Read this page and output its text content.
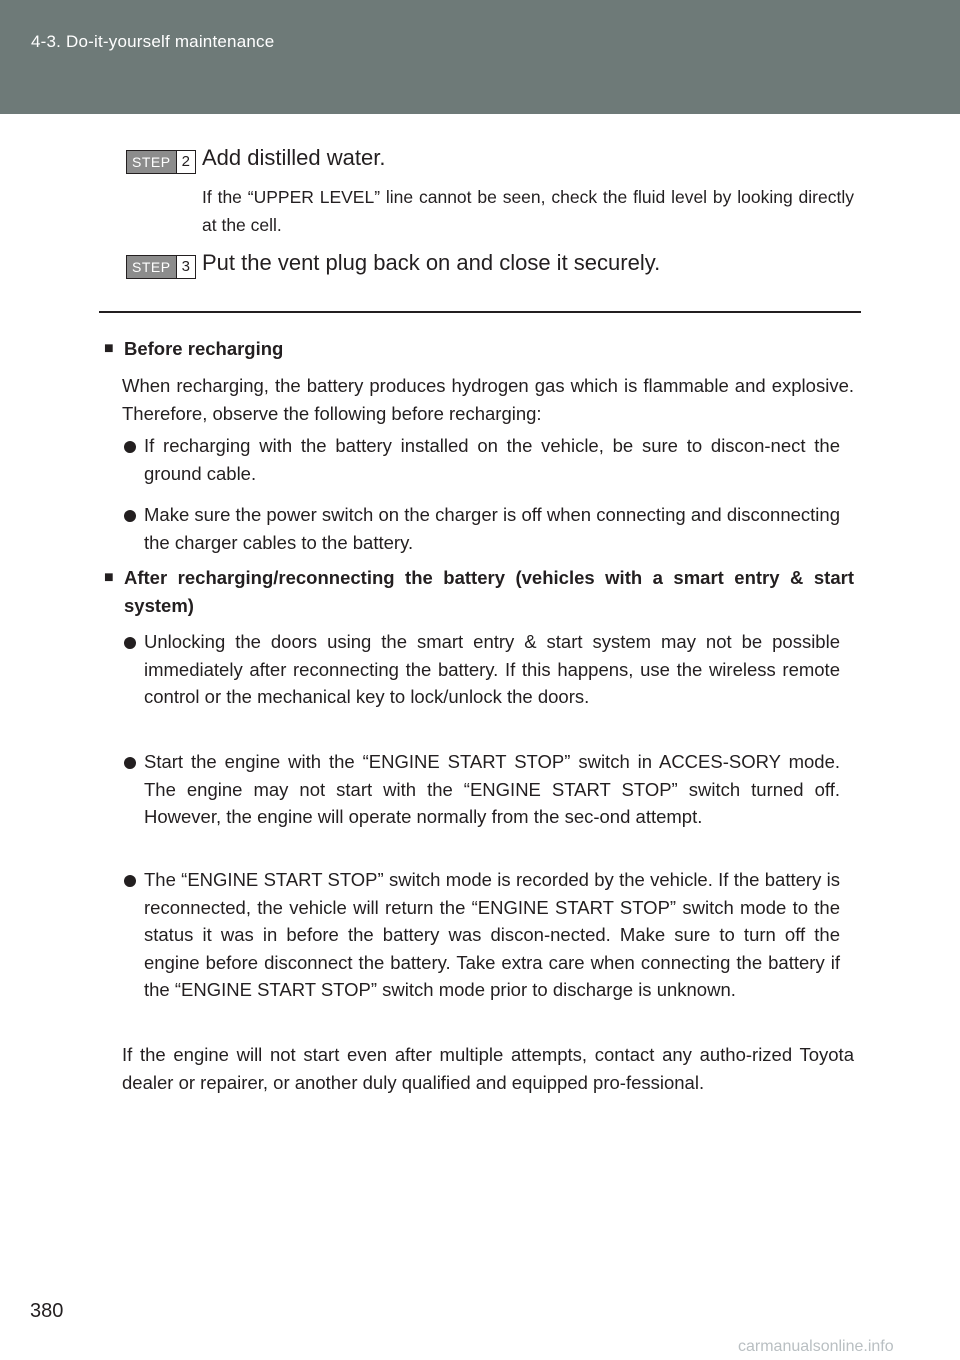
4-3. Do-it-yourself maintenance
STEP 2 Add distilled water.
If the “UPPER LEVEL” line cannot be seen, check the fluid level by looking directly at the cell.
STEP 3 Put the vent plug back on and close it securely.
■ Before recharging
When recharging, the battery produces hydrogen gas which is flammable and explosive. Therefore, observe the following before recharging:
If recharging with the battery installed on the vehicle, be sure to discon-nect the ground cable.
Make sure the power switch on the charger is off when connecting and disconnecting the charger cables to the battery.
■ After recharging/reconnecting the battery (vehicles with a smart entry & start system)
Unlocking the doors using the smart entry & start system may not be possible immediately after reconnecting the battery. If this happens, use the wireless remote control or the mechanical key to lock/unlock the doors.
Start the engine with the “ENGINE START STOP” switch in ACCES-SORY mode. The engine may not start with the “ENGINE START STOP” switch turned off. However, the engine will operate normally from the sec-ond attempt.
The “ENGINE START STOP” switch mode is recorded by the vehicle. If the battery is reconnected, the vehicle will return the “ENGINE START STOP” switch mode to the status it was in before the battery was discon-nected. Make sure to turn off the engine before disconnect the battery. Take extra care when connecting the battery if the “ENGINE START STOP” switch mode prior to discharge is unknown.
If the engine will not start even after multiple attempts, contact any autho-rized Toyota dealer or repairer, or another duly qualified and equipped pro-fessional.
380
carmanualsonline.info
